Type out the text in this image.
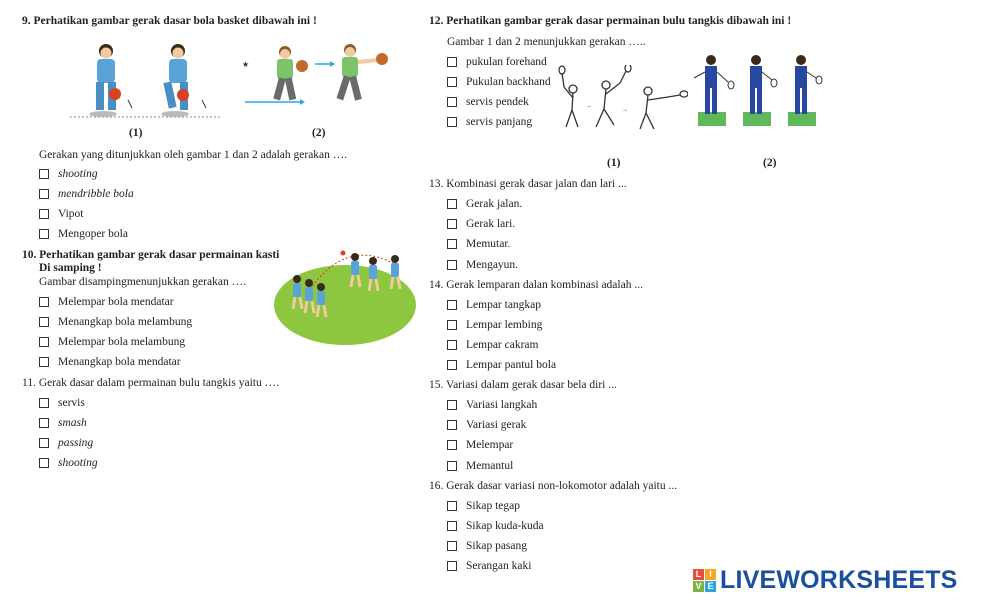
9. Perhatikan gambar gerak dasar bola basket dibawah ini !
★
(1)	(2)
Gerakan yang ditunjukkan oleh gambar 1 dan 2 adalah gerakan ….
shooting
mendribble bola
Vipot
Mengoper bola
10. Perhatikan gambar gerak dasar permainan kasti
Di samping !
Gambar disampingmenunjukkan gerakan ….
Melempar bola mendatar
Menangkap bola melambung
Melempar bola melambung
Menangkap bola mendatar
11. Gerak dasar dalam permainan bulu tangkis yaitu ….
servis
smash
passing
shooting
12. Perhatikan gambar gerak dasar permainan bulu tangkis dibawah ini !
Gambar 1 dan 2 menunjukkan gerakan …..
pukulan forehand
Pukulan backhand
servis pendek
servis panjang
→
→
(1)	(2)
13. Kombinasi gerak dasar jalan dan lari ...
Gerak jalan.
Gerak lari.
Memutar.
Mengayun.
14. Gerak lemparan dalan kombinasi adalah ...
Lempar tangkap
Lempar lembing
Lempar cakram
Lempar pantul bola
15. Variasi dalam gerak dasar bela diri ...
Variasi langkah
Variasi gerak
Melempar
Memantul
16. Gerak dasar variasi non-lokomotor adalah yaitu ...
Sikap tegap
Sikap kuda-kuda
Sikap pasang
Serangan kaki
L I
V E LIVEWORKSHEETS
